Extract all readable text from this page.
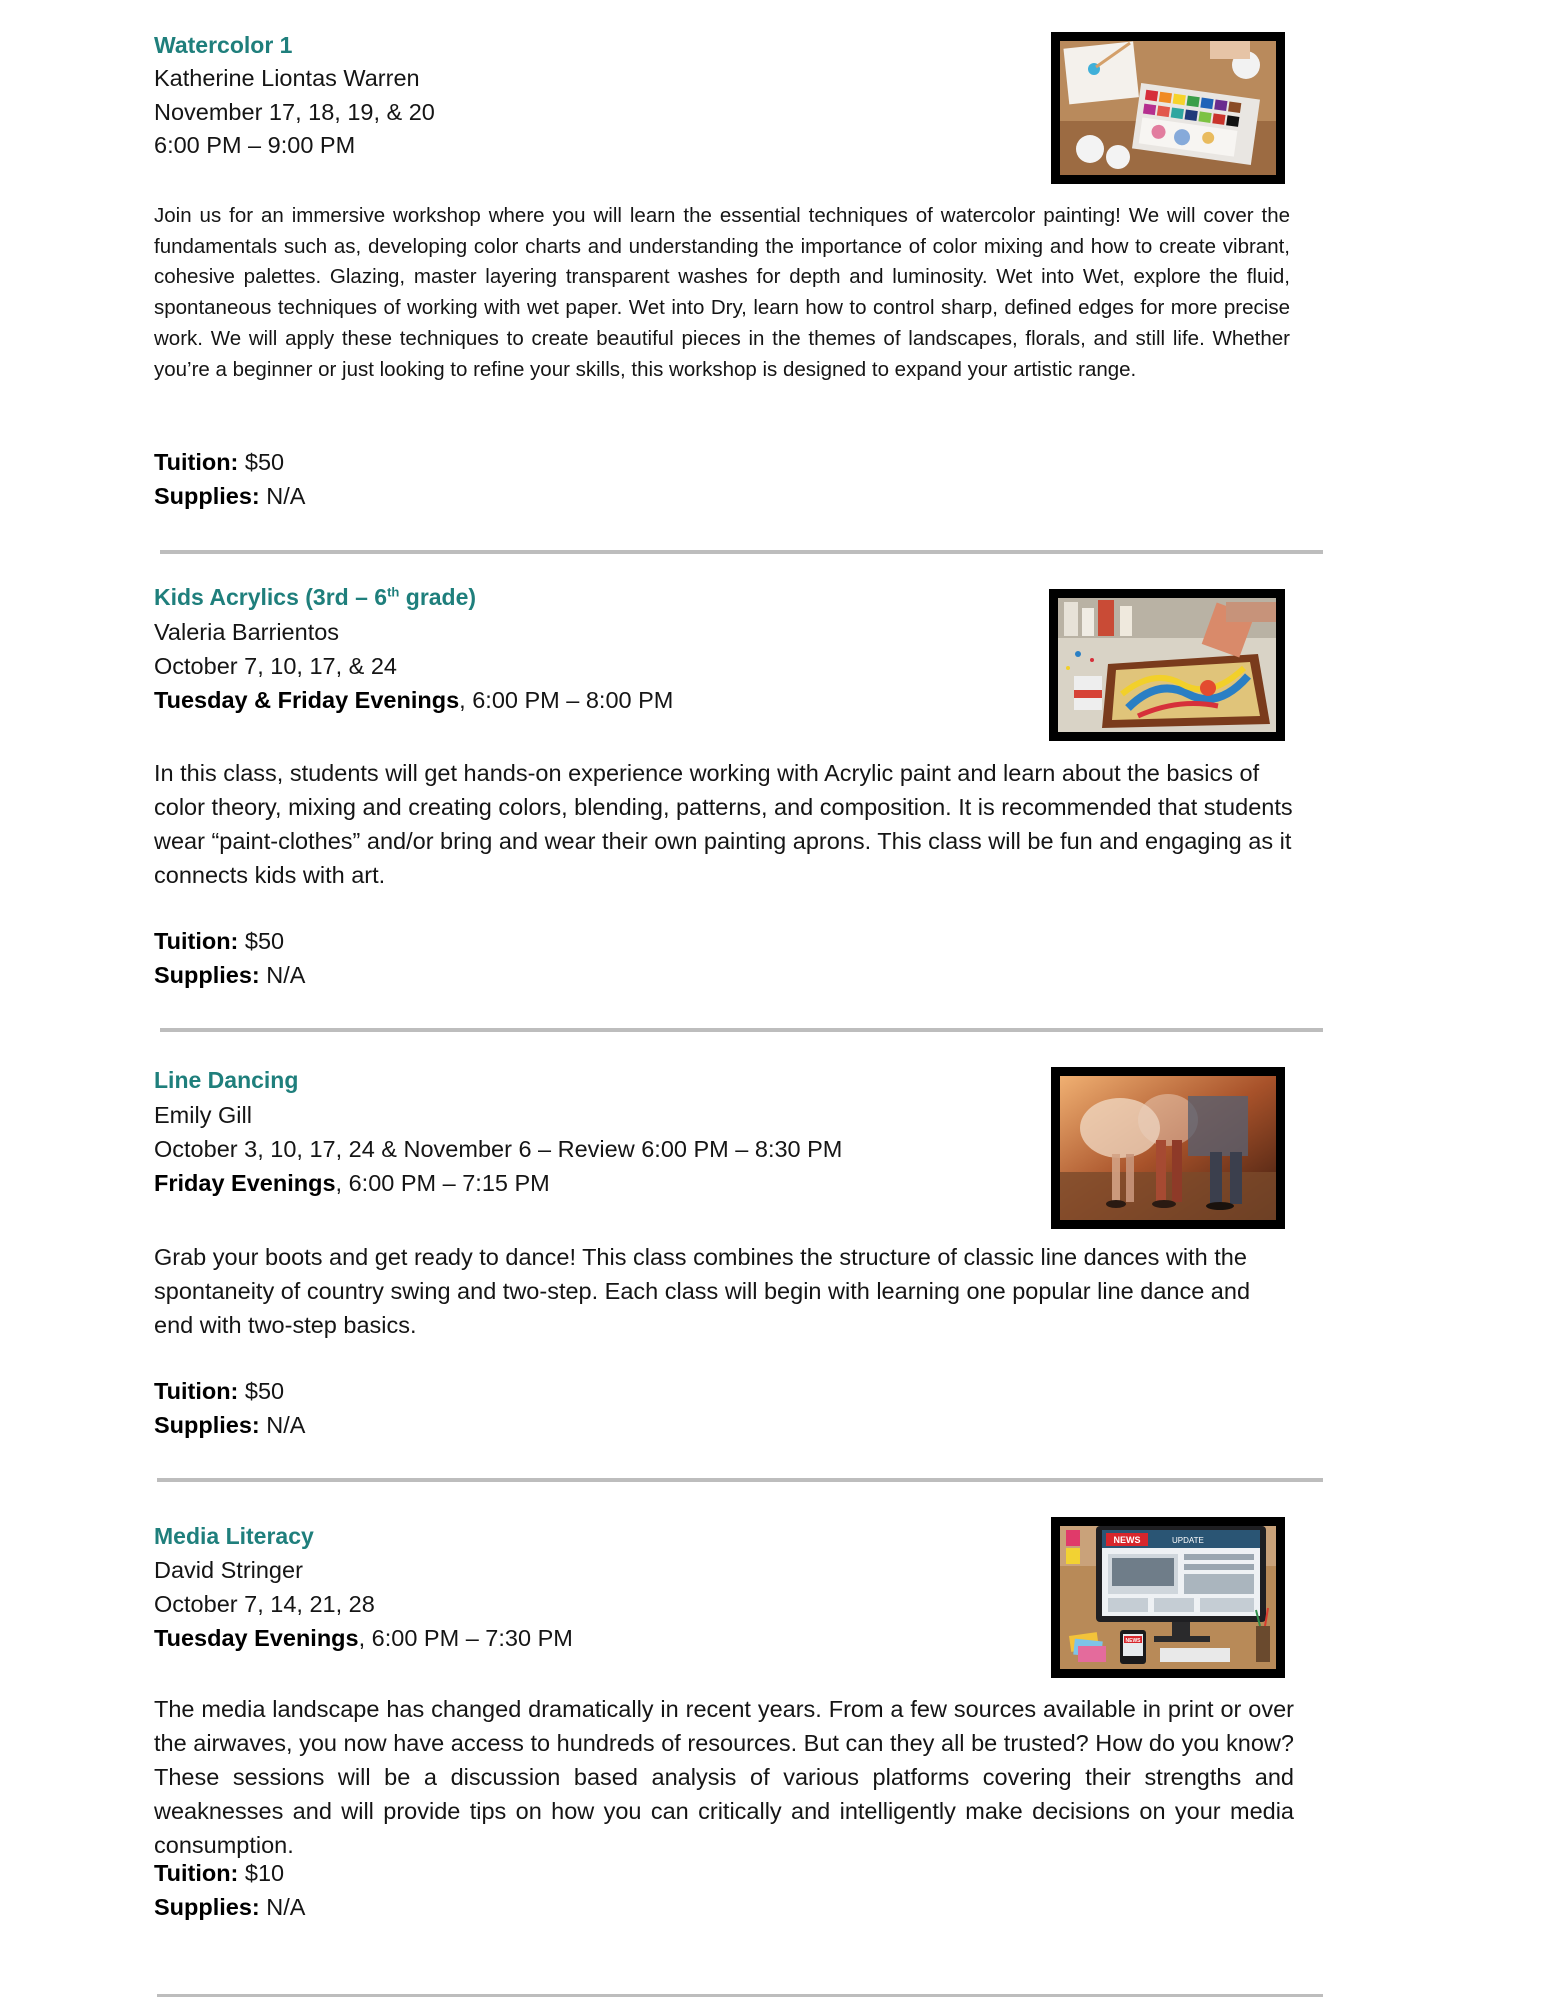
Watercolor 1
Katherine Liontas Warren
November 17, 18, 19, & 20
6:00 PM – 9:00 PM

Join us for an immersive workshop where you will learn the essential techniques of watercolor painting! We will cover the fundamentals such as, developing color charts and understanding the importance of color mixing and how to create vibrant, cohesive palettes. Glazing, master layering transparent washes for depth and luminosity. Wet into Wet, explore the fluid, spontaneous techniques of working with wet paper. Wet into Dry, learn how to control sharp, defined edges for more precise work. We will apply these techniques to create beautiful pieces in the themes of landscapes, florals, and still life. Whether you’re a beginner or just looking to refine your skills, this workshop is designed to expand your artistic range.

Tuition: $50
Supplies: N/A
Kids Acrylics (3rd – 6th grade)
Valeria Barrientos
October 7, 10, 17, & 24
Tuesday & Friday Evenings, 6:00 PM – 8:00 PM

In this class, students will get hands-on experience working with Acrylic paint and learn about the basics of color theory, mixing and creating colors, blending, patterns, and composition. It is recommended that students wear “paint-clothes” and/or bring and wear their own painting aprons. This class will be fun and engaging as it connects kids with art.

Tuition: $50
Supplies: N/A
Line Dancing
Emily Gill
October 3, 10, 17, 24 & November 6 – Review 6:00 PM – 8:30 PM
Friday Evenings, 6:00 PM – 7:15 PM

Grab your boots and get ready to dance! This class combines the structure of classic line dances with the spontaneity of country swing and two-step. Each class will begin with learning one popular line dance and end with two-step basics.

Tuition: $50
Supplies: N/A
Media Literacy
David Stringer
October 7, 14, 21, 28
Tuesday Evenings, 6:00 PM – 7:30 PM
NEWS	UPDATE
NEWS

The media landscape has changed dramatically in recent years. From a few sources available in print or over the airwaves, you now have access to hundreds of resources. But can they all be trusted? How do you know? These sessions will be a discussion based analysis of various platforms covering their strengths and weaknesses and will provide tips on how you can critically and intelligently make decisions on your media consumption.

Tuition: $10
Supplies: N/A
